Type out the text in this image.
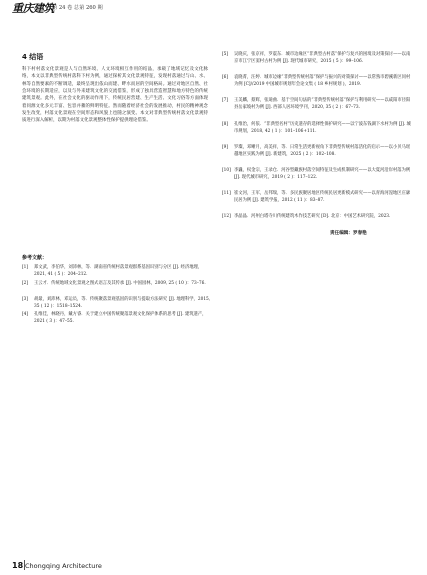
重庆建筑
第 24 卷 总第 260 期
4 结语
科下村村落文化景观是人与自然环境、人文环境相互作用的结晶，承载了地域记忆及文化脉络，本文以非典型传统村落科下村为例，通过探析其文化景观特征，发现村落通过与山、水、林等自然要素的不断调适，最终呈现出依山而建、畔水而居的空间格局。通过对地区自然、社会环境的长期适应，以及与外来建筑文化的交流借鉴，形成了独具营造智慧和地方特色的传统建筑景观。此外，在社会文化的驱动作用下，传统民居营建、生产生活、文化习俗等方面体现着同源文化多元丰富、包容并蓄的鲜明特征。然而随着经济社会的发展推动，村民的精神观念发生改变，村落文化景观在空间形态和风貌上也随之演变。本文对非典型传统村落文化景观特质进行深入解析，以期为村落文化景观整体性保护提供理论借鉴。
参考文献：
[1] 郑文武，李伯华，刘沛林，等．湖南省传统村落景观群系基因识别与分区 [J]. 经济地理，2021, 41 ( 5 )：204–212.
[2] 王云才．传统地域文化景观之图式语言及其传承 [J]. 中国园林，2009, 25 ( 10 )：73–76.
[3] 胡最，刘沛林，邓运员，等．传统聚落景观基因的识别与提取方法研究 [J]. 地理科学，2015, 35 ( 12 )：1518–1524.
[4] 孔维佳，林晓丹，戴方睿．关于建立中国传统聚落景观文化保护体系的思考 [J]. 建筑遗产，2021 ( 3 )：47–55.
[5] 吴晓庆，张京祥，罗震东．城市边缘区“非典型古村落”保护与复兴的困境及对策探讨——以南京市江宁区窦村古村为例 [J]. 现代城市研究，2015 ( 5 )：99–106.
[6] 袁晓菁，汪婷．城市边缘“非典型传统村落”保护与振兴的对策探讨——以常熟市碧溪新区同村为例 [C]//2019 中国城市规划年会论文集 ( 18 乡村规划 )，2019.
[7] 王美麟，蔡辉，张迪曲．基于空间句法的“非典型传统村落”保护与利用研究——以咸阳市径阳县岳家坡村为例 [J]. 西部人居环境学刊，2020, 35 ( 2 )：67–73.
[8] 孔维治，何依．“非典型名村”历史遗存的选择性保护研究——以宁波东钱湖下水村为例 [J]. 城市规划，2018, 42 ( 1 )：101–106+111.
[9] 罗璨，邓晰月，高美祥，等．日常生活更新视角下非典型传统村落活化的启示——以小贝马瑶越地区实践为例 [J]. 新建筑，2025 ( 2 )：102–108.
[10] 李巍，权金宗，王录仓．河谷型藏族村落空间特征及生成机制研究——以大夏河沿岸村落为例 [J]. 现代城市研究，2019 ( 2 )：117–122.
[11] 崔文河，王军，岳邦瑞，等．多民族聚居地区传统民居更新模式研究——以青海河湟地区庄廓民居为例 [J]. 建筑学报，2012 ( 11 )：83–87.
[12] 李晶晶．河州白塔寺川传统建筑木作技艺研究 [D]. 北京：中国艺术研究院，2023.
责任编辑：罗春艳
18 Chongqing Architecture
